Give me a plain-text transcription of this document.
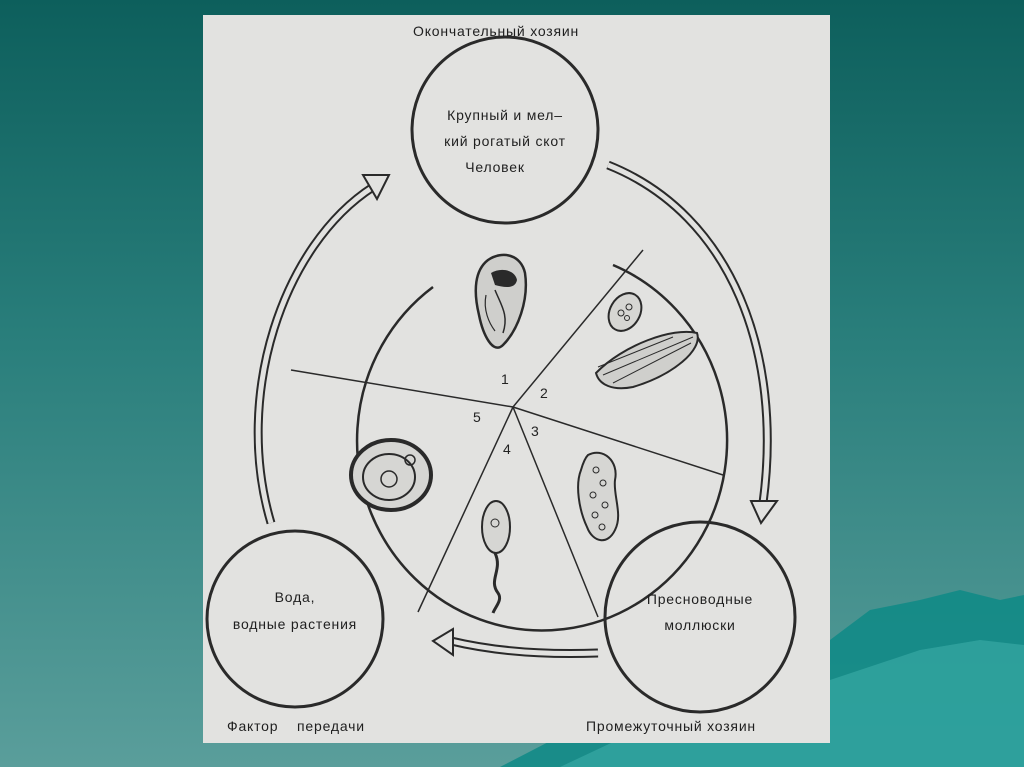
Окончательный хозяин
Крупный и мел–
кий рогатый скот
Человек
Вода,
водные растения
Пресноводные
моллюски
Фактор передачи	Промежуточный хозяин
1
2
3
4
5
